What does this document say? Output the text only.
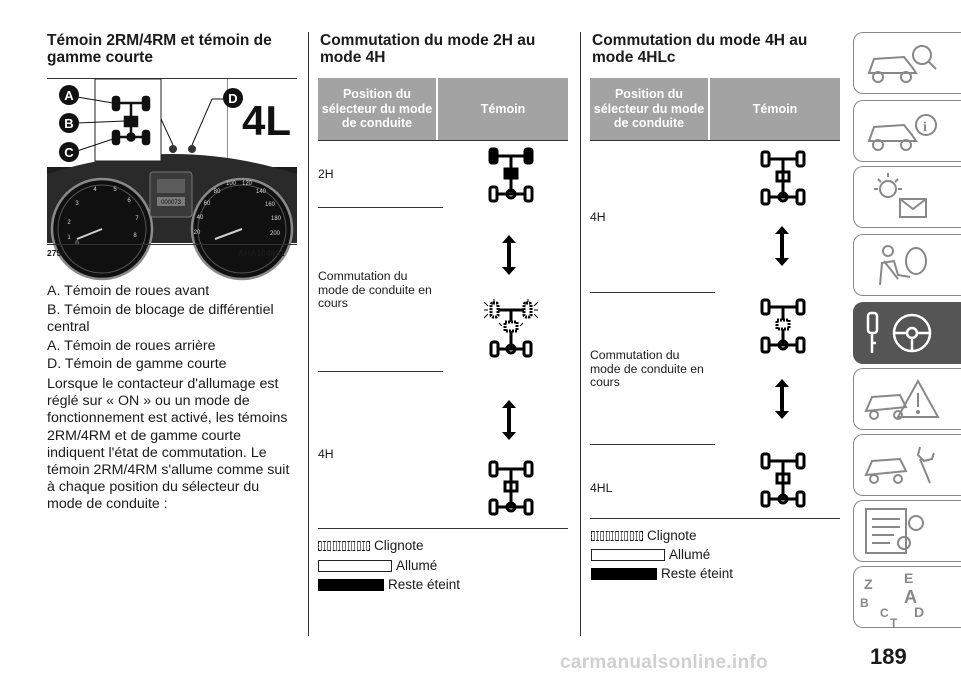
Témoin 2RM/4RM et témoin de gamme courte
000073
2
3
4	5
6
7
8
1
20
40
60
80
100 120
140
160
180
200
A
B
C
D 4L
275	AHA104951
A. Témoin de roues avant
B. Témoin de blocage de différentiel central
A. Témoin de roues arrière
D. Témoin de gamme courte
Lorsque le contacteur d'allumage est réglé sur « ON » ou un mode de fonctionnement est activé, les témoins 2RM/4RM et de gamme courte indiquent l'état de commutation. Le témoin 2RM/4RM s'allume comme suit à chaque position du sélecteur du mode de conduite :
Commutation du mode 2H au mode 4H
Position du sélecteur du mode de conduite
Témoin
2H
Commutation du mode de conduite en cours
4H
Clignote
Allumé
Reste éteint
Commutation du mode 4H au mode 4HLc
Position du sélecteur du mode de conduite
Témoin
4H
Commutation du mode de conduite en cours
4HL
Clignote
Allumé
Reste éteint
i
Z E
B A
C D
T
189
carmanualsonline.info
